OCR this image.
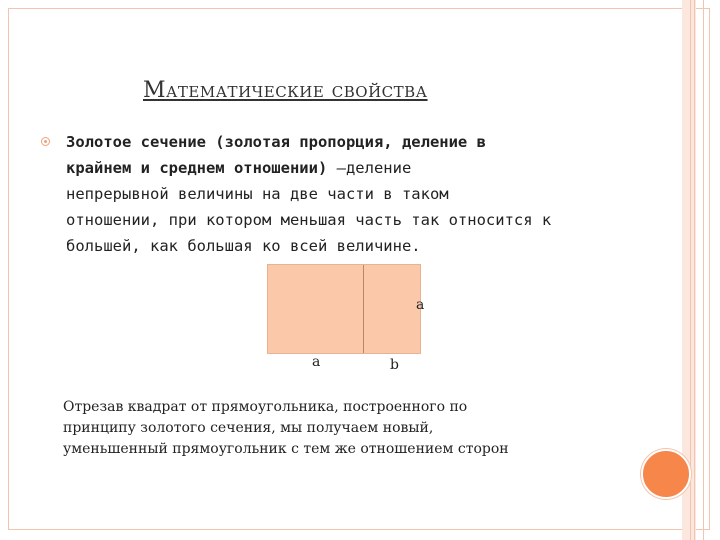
Математические свойства
Золотое сечение (золотая пропорция, деление в
крайнем и среднем отношении) —деление
непрерывной величины на две части в таком
отношении, при котором меньшая часть так относится к
большей, как большая ко всей величине.
a
a	b
Отрезав квадрат от прямоугольника, построенного по
принципу золотого сечения, мы получаем новый,
уменьшенный прямоугольник с тем же отношением сторон
